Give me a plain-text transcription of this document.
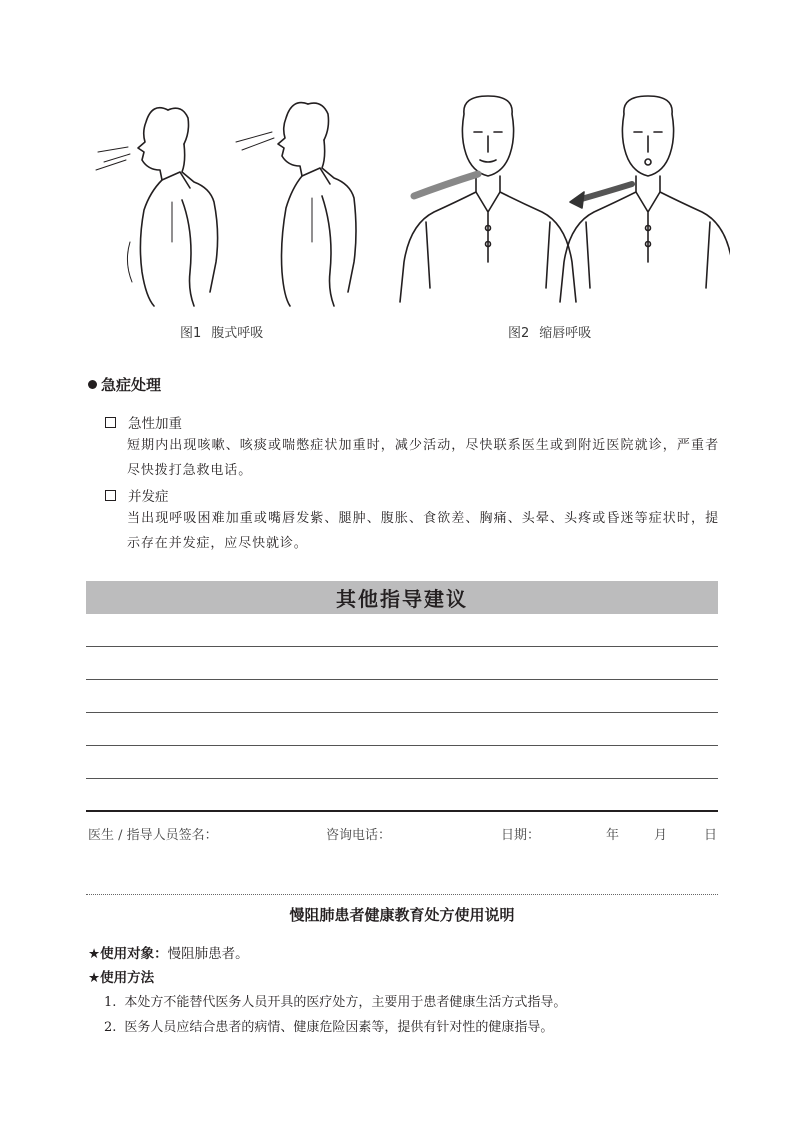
图1 腹式呼吸	图2 缩唇呼吸
急症处理
急性加重
短期内出现咳嗽、咳痰或喘憋症状加重时，减少活动，尽快联系医生或到附近医院就诊，严重者尽快拨打急救电话。
并发症
当出现呼吸困难加重或嘴唇发紫、腿肿、腹胀、食欲差、胸痛、头晕、头疼或昏迷等症状时，提示存在并发症，应尽快就诊。
其他指导建议
医生 / 指导人员签名：	咨询电话：	日期：	年	月	日
慢阻肺患者健康教育处方使用说明
★使用对象：慢阻肺患者。
★使用方法
1. 本处方不能替代医务人员开具的医疗处方，主要用于患者健康生活方式指导。
2. 医务人员应结合患者的病情、健康危险因素等，提供有针对性的健康指导。
